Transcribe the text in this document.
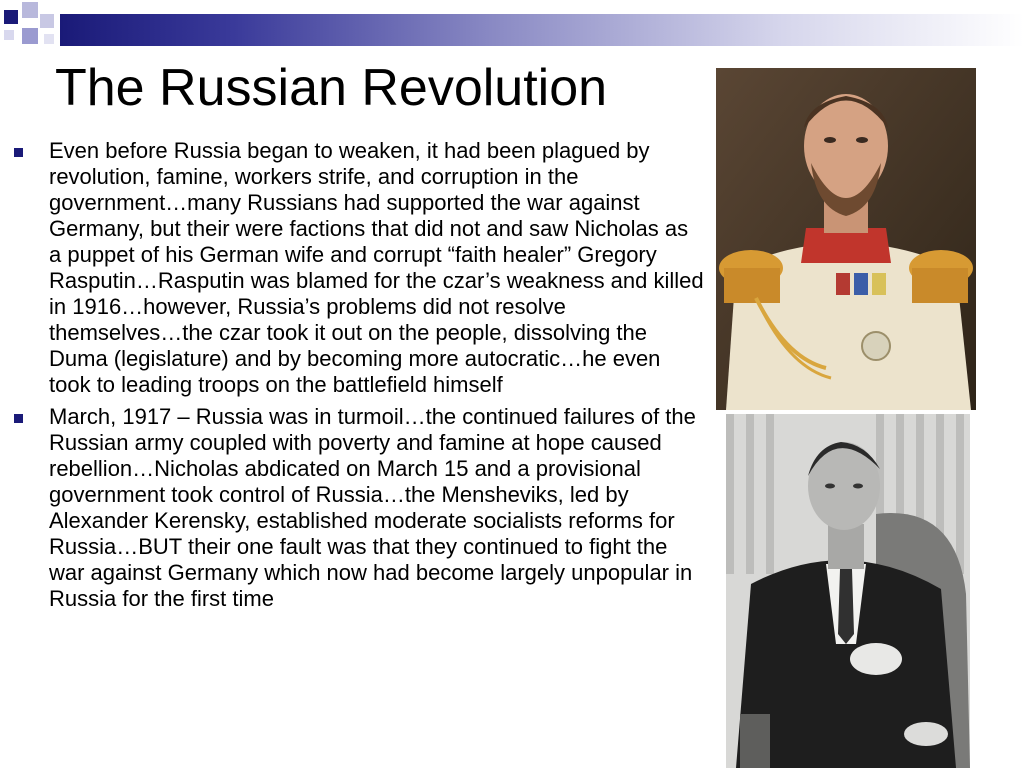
The Russian Revolution
Even before Russia began to weaken, it had been plagued by revolution, famine, workers strife, and corruption in the government…many Russians had supported the war against Germany, but their were factions that did not and saw Nicholas as a puppet of his German wife and corrupt “faith healer” Gregory Rasputin…Rasputin was blamed for the czar’s weakness and killed in 1916…however, Russia’s problems did not resolve themselves…the czar took it out on the people, dissolving the Duma (legislature) and by becoming more autocratic…he even took to leading troops on the battlefield himself
March, 1917 – Russia was in turmoil…the continued failures of the Russian army coupled with poverty and famine at hope caused rebellion…Nicholas abdicated on March 15 and a provisional government took control of Russia…the Mensheviks, led by Alexander Kerensky, established moderate socialists reforms for Russia…BUT their one fault was that they continued to fight the war against Germany which now had become largely unpopular in Russia for the first time
